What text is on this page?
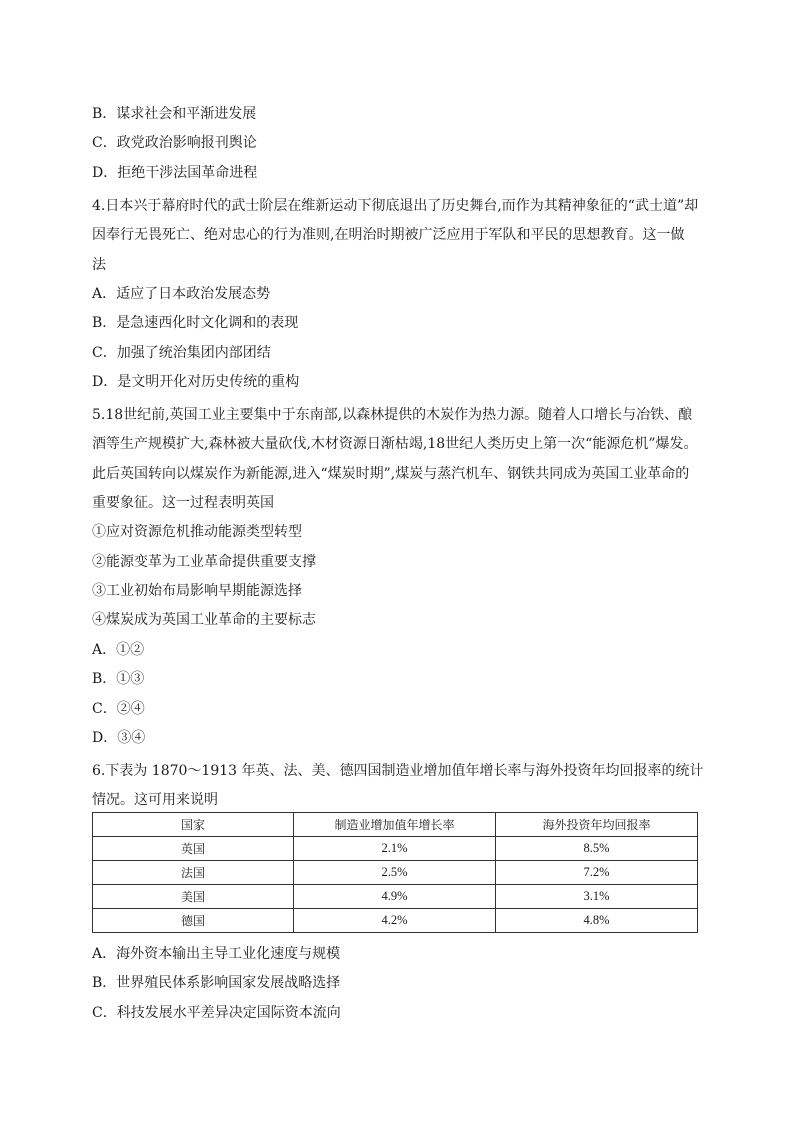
B．谋求社会和平渐进发展
C．政党政治影响报刊舆论
D．拒绝干涉法国革命进程
4.日本兴于幕府时代的武士阶层在维新运动下彻底退出了历史舞台,而作为其精神象征的“武士道”却
因奉行无畏死亡、绝对忠心的行为准则,在明治时期被广泛应用于军队和平民的思想教育。这一做
法
A．适应了日本政治发展态势
B．是急速西化时文化调和的表现
C．加强了统治集团内部团结
D．是文明开化对历史传统的重构
5.18世纪前,英国工业主要集中于东南部,以森林提供的木炭作为热力源。随着人口增长与冶铁、酿
酒等生产规模扩大,森林被大量砍伐,木材资源日渐枯竭,18世纪人类历史上第一次“能源危机”爆发。
此后英国转向以煤炭作为新能源,进入“煤炭时期”,煤炭与蒸汽机车、钢铁共同成为英国工业革命的
重要象征。这一过程表明英国
①应对资源危机推动能源类型转型
②能源变革为工业革命提供重要支撑
③工业初始布局影响早期能源选择
④煤炭成为英国工业革命的主要标志
A．①②
B．①③
C．②④
D．③④
6.下表为 1870～1913 年英、法、美、德四国制造业增加值年增长率与海外投资年均回报率的统计
情况。这可用来说明
国家	制造业增加值年增长率	海外投资年均回报率
英国	2.1%	8.5%
法国	2.5%	7.2%
美国	4.9%	3.1%
德国	4.2%	4.8%
A．海外资本输出主导工业化速度与规模
B．世界殖民体系影响国家发展战略选择
C．科技发展水平差异决定国际资本流向
